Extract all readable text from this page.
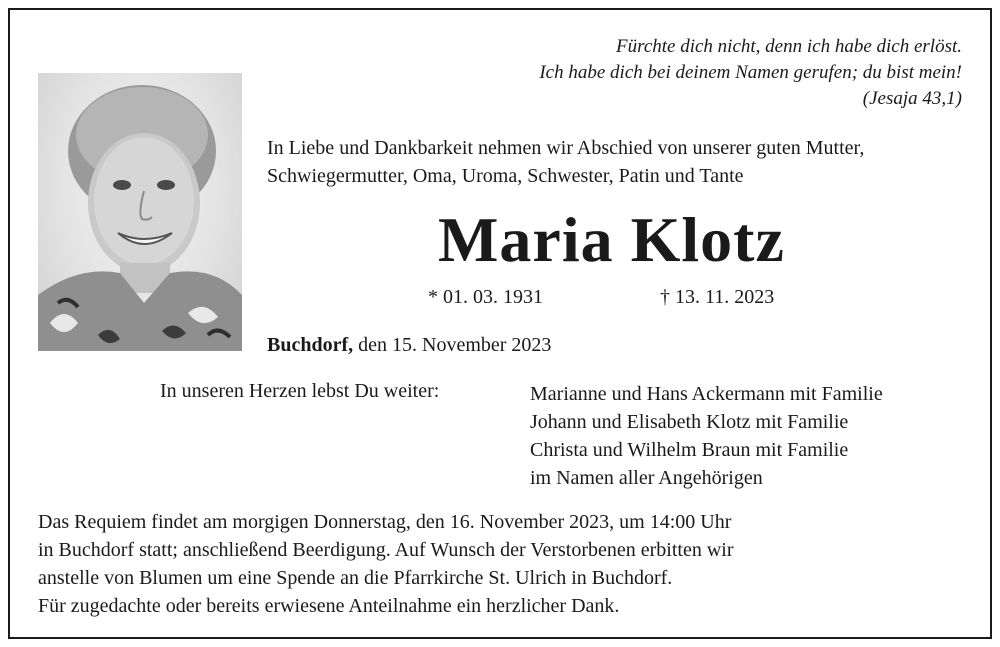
Fürchte dich nicht, denn ich habe dich erlöst.
Ich habe dich bei deinem Namen gerufen; du bist mein!
(Jesaja 43,1)
In Liebe und Dankbarkeit nehmen wir Abschied von unserer guten Mutter,
Schwiegermutter, Oma, Uroma, Schwester, Patin und Tante
Maria Klotz
* 01. 03. 1931	† 13. 11. 2023
Buchdorf, den 15. November 2023
In unseren Herzen lebst Du weiter:	Marianne und Hans Ackermann mit Familie
Johann und Elisabeth Klotz mit Familie
Christa und Wilhelm Braun mit Familie
im Namen aller Angehörigen
Das Requiem findet am morgigen Donnerstag, den 16. November 2023, um 14:00 Uhr
in Buchdorf statt; anschließend Beerdigung. Auf Wunsch der Verstorbenen erbitten wir
anstelle von Blumen um eine Spende an die Pfarrkirche St. Ulrich in Buchdorf.
Für zugedachte oder bereits erwiesene Anteilnahme ein herzlicher Dank.
